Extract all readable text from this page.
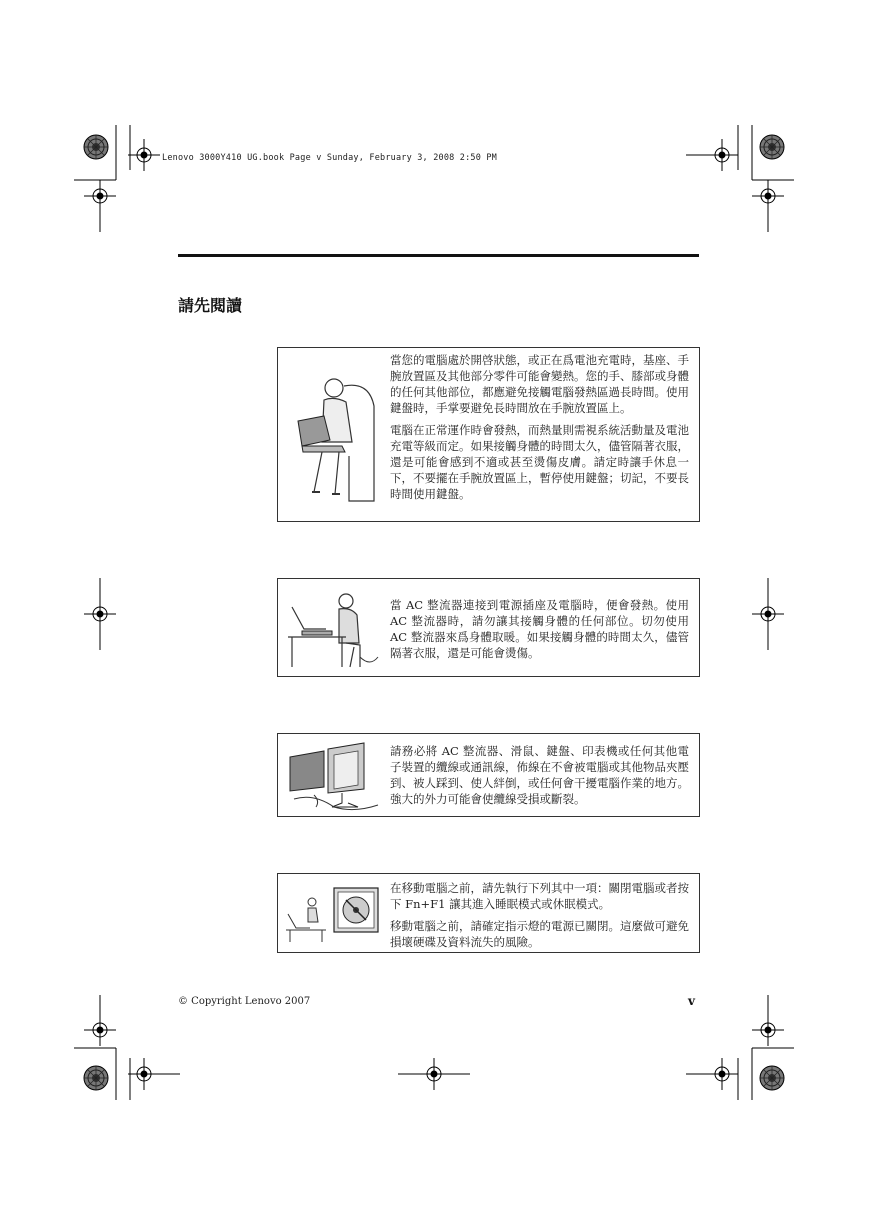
Lenovo 3000Y410 UG.book Page v Sunday, February 3, 2008 2:50 PM
請先閱讀

當您的電腦處於開啓狀態，或正在爲電池充電時，基座、手腕放置區及其他部分零件可能會變熱。您的手、膝部或身體的任何其他部位，都應避免接觸電腦發熱區過長時間。使用鍵盤時，手掌要避免長時間放在手腕放置區上。

電腦在正常運作時會發熱，而熱量則需視系統活動量及電池充電等級而定。如果接觸身體的時間太久，儘管隔著衣服，還是可能會感到不適或甚至燙傷皮膚。請定時讓手休息一下，不要擺在手腕放置區上，暫停使用鍵盤；切記，不要長時間使用鍵盤。

當 AC 整流器連接到電源插座及電腦時，便會發熱。使用 AC 整流器時，請勿讓其接觸身體的任何部位。切勿使用 AC 整流器來爲身體取暖。如果接觸身體的時間太久，儘管隔著衣服，還是可能會燙傷。

請務必將 AC 整流器、滑鼠、鍵盤、印表機或任何其他電子裝置的纜線或通訊線，佈線在不會被電腦或其他物品夾壓到、被人踩到、使人絆倒，或任何會干擾電腦作業的地方。強大的外力可能會使纜線受損或斷裂。

在移動電腦之前，請先執行下列其中一項：關閉電腦或者按下 Fn+F1 讓其進入睡眠模式或休眠模式。

移動電腦之前，請確定指示燈的電源已關閉。這麼做可避免損壞硬碟及資料流失的風險。

© Copyright Lenovo 2007	v
